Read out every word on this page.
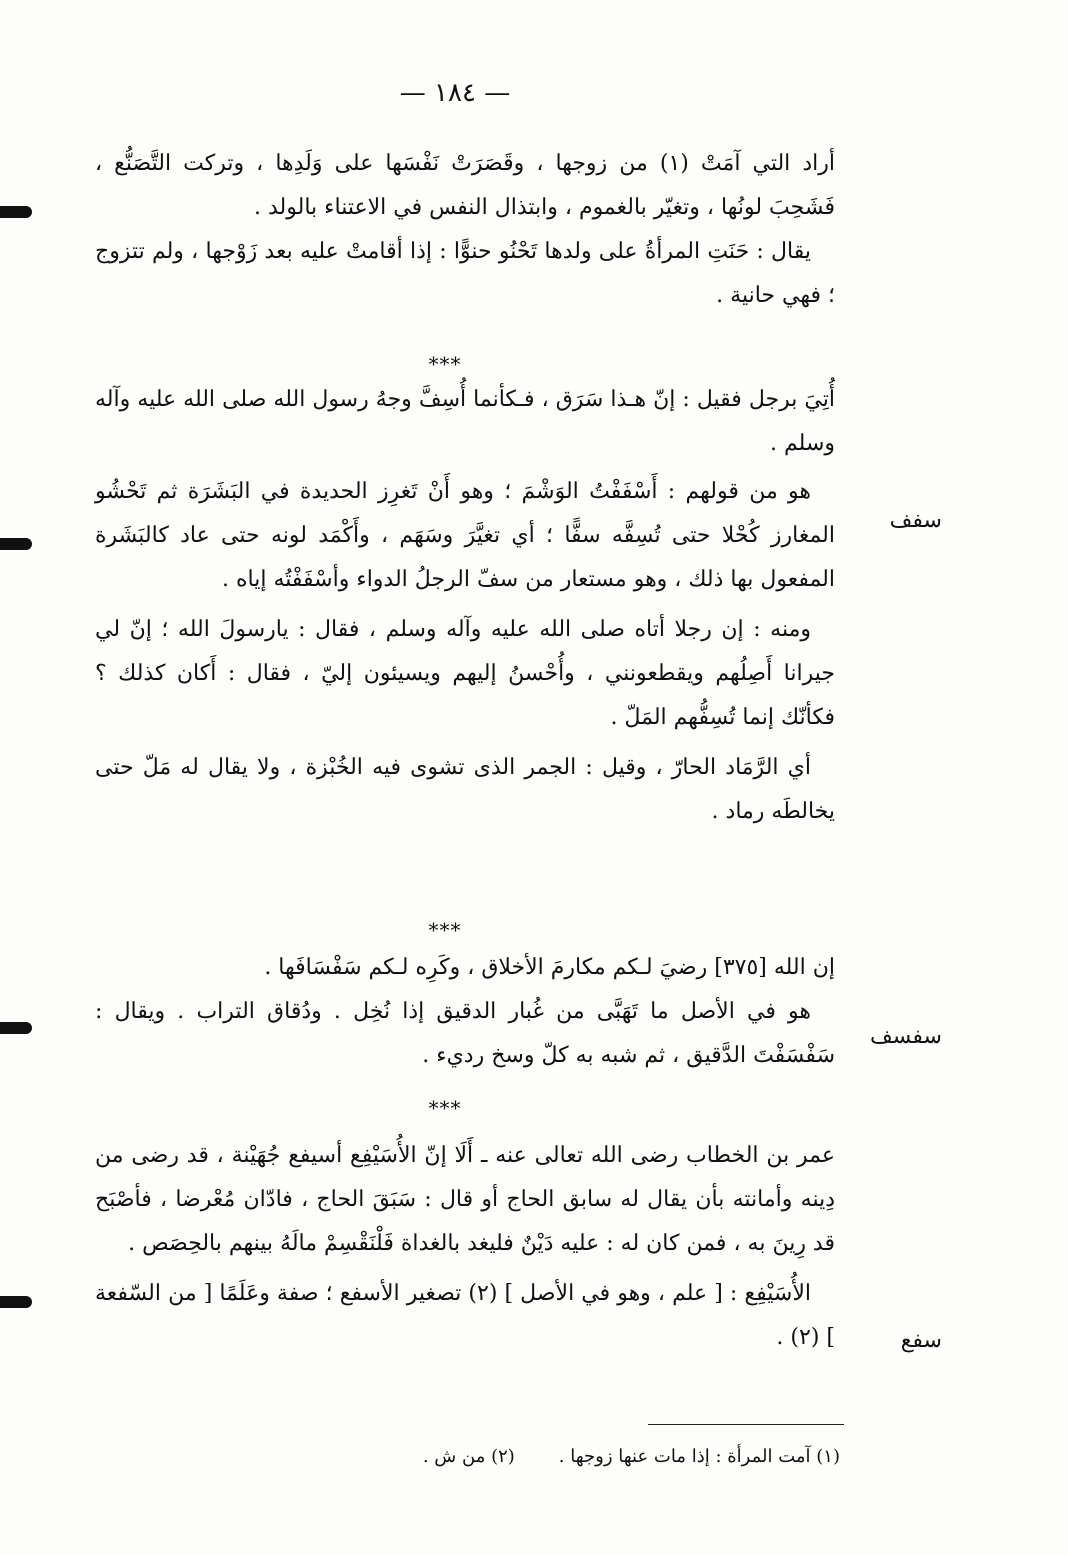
— ١٨٤ —

أراد التي آمَتْ (١) من زوجها ، وقَصَرَتْ نَفْسَها على وَلَدِها ، وتركت التَّصَنُّع ، فَشَحِبَ لونُها ، وتغيّر بالغموم ، وابتذال النفس في الاعتناء بالولد .

يقال : حَنَتِ المرأةُ على ولدها تَحْنُو حنوًّا : إذا أقامتْ عليه بعد زَوْجها ، ولم تتزوج ؛ فهي حانية .

***

أُتِيَ برجل فقيل : إنّ هـذا سَرَق ، فـكأنما أُسِفَّ وجهُ رسول الله صلى الله عليه وآله وسلم .

هو من قولهم : أَسْفَفْتُ الوَشْمَ ؛ وهو أَنْ تَغرِز الحديدة في البَشَرَة ثم تَحْشُو المغارز كُحْلا حتى تُسِفَّه سفًّا ؛ أي تغيَّرَ وسَهَم ، وأَكْمَد لونه حتى عاد كالبَشَرة المفعول بها ذلك ، وهو مستعار من سفّ الرجلُ الدواء وأسْفَفْتُه إياه .

ومنه : إن رجلا أتاه صلى الله عليه وآله وسلم ، فقال : يارسولَ الله ؛ إنّ لي جيرانا أَصِلُهم ويقطعونني ، وأُحْسنُ إليهم ويسيئون إليّ ، فقال : أَكان كذلك ؟ فكأنّك إنما تُسِفُّهم المَلّ .

أي الرَّمَاد الحارّ ، وقيل : الجمر الذى تشوى فيه الخُبْزة ، ولا يقال له مَلّ حتى يخالطَه رماد .

سفف
***

إن الله [٣٧٥] رضيَ لـكم مكارمَ الأخلاق ، وكَرِه لـكم سَفْسَافَها .

هو في الأصل ما تَهَبَّى من غُبار الدقيق إذا نُخِل . ودُقاق التراب . ويقال : سَفْسَفْتَ الدَّقيق ، ثم شبه به كلّ وسخ رديء .

سفسف
***

عمر بن الخطاب رضى الله تعالى عنه ـ أَلَا إنّ الأُسَيْفِع أسيفع جُهَيْنة ، قد رضى من دِينه وأمانته بأن يقال له سابق الحاج أو قال : سَبَقَ الحاج ، فادّان مُعْرضا ، فأصْبَح قد رِينَ به ، فمن كان له : عليه دَيْنٌ فليغد بالغداة فَلْنَقْسِمْ مالَهُ بينهم بالحِصَص .

الأُسَيْفِع : [ علم ، وهو في الأصل ] (٢) تصغير الأسفع ؛ صفة وعَلَمًا [ من السّفعة ] (٢) .	سفع
(١) آمت المرأة : إذا مات عنها زوجها .(٢) من ش .
